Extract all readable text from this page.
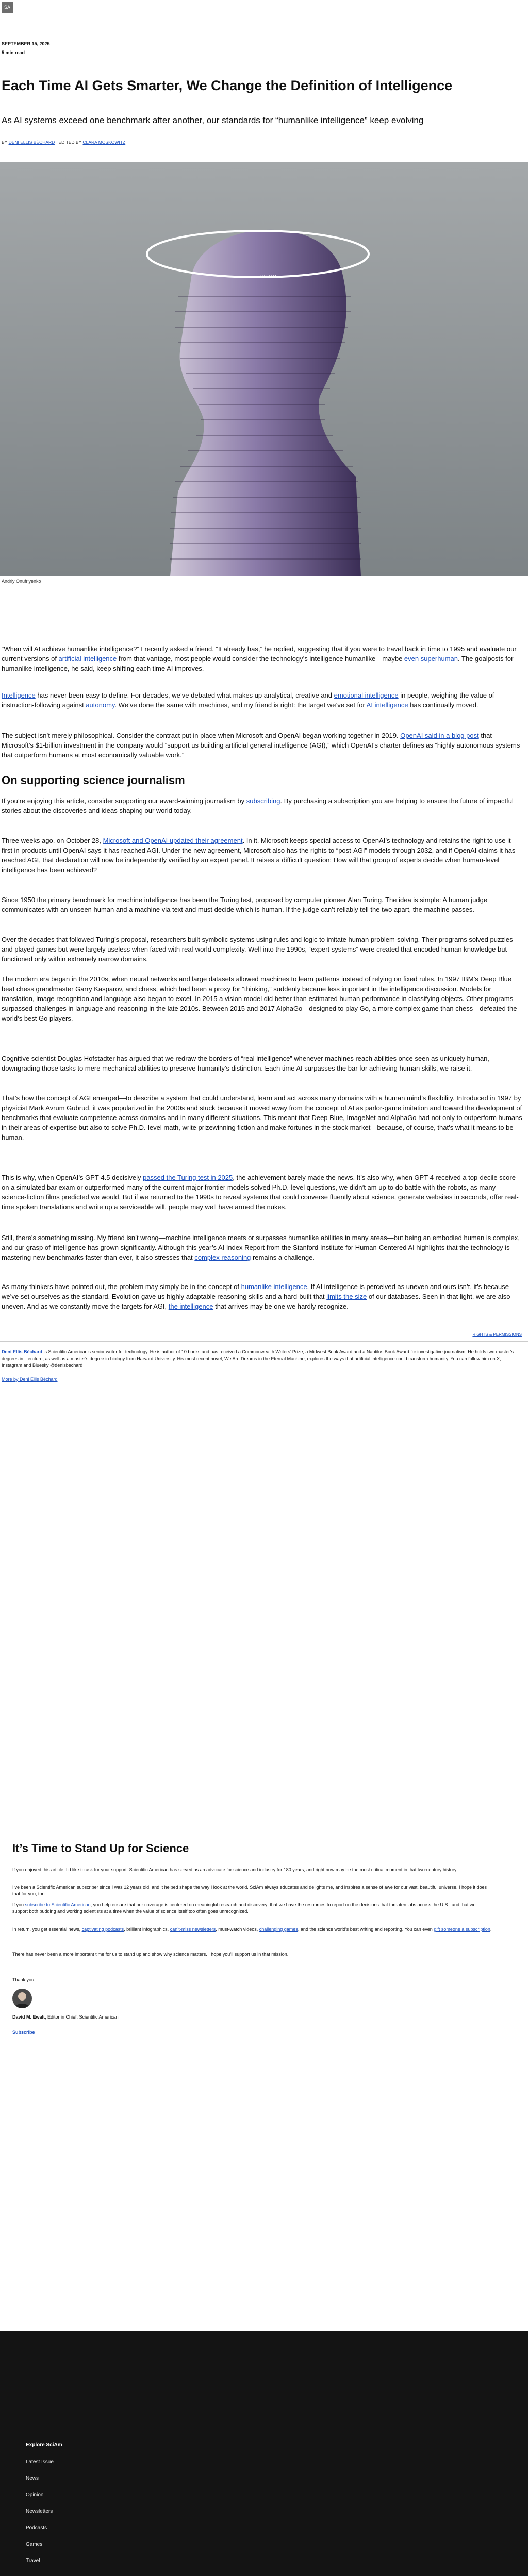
SA
SEPTEMBER 15, 2025
5 min read
Each Time AI Gets Smarter, We Change the Definition of Intelligence

As AI systems exceed one benchmark after another, our standards for “humanlike intelligence” keep evolving

BY DENI ELLIS BÉCHARD EDITED BY CLARA MOSKOWITZ
BRAIN
Andriy Onufriyenko

“When will AI achieve humanlike intelligence?” I recently asked a friend. “It already has,” he replied, suggesting that if you were to travel back in time to 1995 and evaluate our current versions of artificial intelligence from that vantage, most people would consider the technology’s intelligence humanlike—maybe even superhuman. The goalposts for humanlike intelligence, he said, keep shifting each time AI improves.

Intelligence has never been easy to define. For decades, we’ve debated what makes up analytical, creative and emotional intelligence in people, weighing the value of instruction-following against autonomy. We’ve done the same with machines, and my friend is right: the target we’ve set for AI intelligence has continually moved.

The subject isn’t merely philosophical. Consider the contract put in place when Microsoft and OpenAI began working together in 2019. OpenAI said in a blog post that Microsoft’s $1-billion investment in the company would “support us building artificial general intelligence (AGI),” which OpenAI’s charter defines as “highly autonomous systems that outperform humans at most economically valuable work.”

On supporting science journalism

If you’re enjoying this article, consider supporting our award-winning journalism by subscribing. By purchasing a subscription you are helping to ensure the future of impactful stories about the discoveries and ideas shaping our world today.

Three weeks ago, on October 28, Microsoft and OpenAI updated their agreement. In it, Microsoft keeps special access to OpenAI’s technology and retains the right to use it first in products until OpenAI says it has reached AGI. Under the new agreement, Microsoft also has the rights to “post-AGI” models through 2032, and if OpenAI claims it has reached AGI, that declaration will now be independently verified by an expert panel. It raises a difficult question: How will that group of experts decide when human-level intelligence has been achieved?

Since 1950 the primary benchmark for machine intelligence has been the Turing test, proposed by computer pioneer Alan Turing. The idea is simple: A human judge communicates with an unseen human and a machine via text and must decide which is human. If the judge can’t reliably tell the two apart, the machine passes.

Over the decades that followed Turing’s proposal, researchers built symbolic systems using rules and logic to imitate human problem-solving. Their programs solved puzzles and played games but were largely useless when faced with real-world complexity. Well into the 1990s, “expert systems” were created that encoded human knowledge but functioned only within extremely narrow domains.

The modern era began in the 2010s, when neural networks and large datasets allowed machines to learn patterns instead of relying on fixed rules. In 1997 IBM’s Deep Blue beat chess grandmaster Garry Kasparov, and chess, which had been a proxy for “thinking,” suddenly became less important in the intelligence discussion. Models for translation, image recognition and language also began to excel. In 2015 a vision model did better than estimated human performance in classifying objects. Other programs surpassed challenges in language and reasoning in the late 2010s. Between 2015 and 2017 AlphaGo—designed to play Go, a more complex game than chess—defeated the world’s best Go players.

Cognitive scientist Douglas Hofstadter has argued that we redraw the borders of “real intelligence” whenever machines reach abilities once seen as uniquely human, downgrading those tasks to mere mechanical abilities to preserve humanity’s distinction. Each time AI surpasses the bar for achieving human skills, we raise it.

That’s how the concept of AGI emerged—to describe a system that could understand, learn and act across many domains with a human mind’s flexibility. Introduced in 1997 by physicist Mark Avrum Gubrud, it was popularized in the 2000s and stuck because it moved away from the concept of AI as parlor-game imitation and toward the development of benchmarks that evaluate competence across domains and in many different situations. This meant that Deep Blue, ImageNet and AlphaGo had not only to outperform humans in their areas of expertise but also to solve Ph.D.-level math, write prizewinning fiction and make fortunes in the stock market—because, of course, that’s what it means to be human.

This is why, when OpenAI’s GPT-4.5 decisively passed the Turing test in 2025, the achievement barely made the news. It’s also why, when GPT-4 received a top-decile score on a simulated bar exam or outperformed many of the current major frontier models solved Ph.D.-level questions, we didn’t am up to do battle with the robots, as many science-fiction films predicted we would. But if we returned to the 1990s to reveal systems that could converse fluently about science, generate websites in seconds, offer real-time spoken translations and write up a serviceable will, people may well have armed the nukes.

Still, there’s something missing. My friend isn’t wrong—machine intelligence meets or surpasses humanlike abilities in many areas—but being an embodied human is complex, and our grasp of intelligence has grown significantly. Although this year’s AI Index Report from the Stanford Institute for Human-Centered AI highlights that the technology is mastering new benchmarks faster than ever, it also stresses that complex reasoning remains a challenge.

As many thinkers have pointed out, the problem may simply be in the concept of humanlike intelligence. If AI intelligence is perceived as uneven and ours isn’t, it’s because we’ve set ourselves as the standard. Evolution gave us highly adaptable reasoning skills and a hard-built that limits the size of our databases. Seen in that light, we are also uneven. And as we constantly move the targets for AGI, the intelligence that arrives may be one we hardly recognize.

RIGHTS & PERMISSIONS
Deni Ellis Béchard is Scientific American’s senior writer for technology. He is author of 10 books and has received a Commonwealth Writers’ Prize, a Midwest Book Award and a Nautilus Book Award for investigative journalism. He holds two master’s degrees in literature, as well as a master’s degree in biology from Harvard University. His most recent novel, We Are Dreams in the Eternal Machine, explores the ways that artificial intelligence could transform humanity. You can follow him on X, Instagram and Bluesky @denisbechard
More by Deni Ellis Béchard
It’s Time to Stand Up for Science

If you enjoyed this article, I’d like to ask for your support. Scientific American has served as an advocate for science and industry for 180 years, and right now may be the most critical moment in that two-century history.

I’ve been a Scientific American subscriber since I was 12 years old, and it helped shape the way I look at the world. SciAm always educates and delights me, and inspires a sense of awe for our vast, beautiful universe. I hope it does that for you, too.

If you subscribe to Scientific American, you help ensure that our coverage is centered on meaningful research and discovery; that we have the resources to report on the decisions that threaten labs across the U.S.; and that we support both budding and working scientists at a time when the value of science itself too often goes unrecognized.

In return, you get essential news, captivating podcasts, brilliant infographics, can’t-miss newsletters, must-watch videos, challenging games, and the science world’s best writing and reporting. You can even gift someone a subscription.

There has never been a more important time for us to stand up and show why science matters. I hope you’ll support us in that mission.

Thank you,

David M. Ewalt, Editor in Chief, Scientific American

Subscribe

Explore SciAm
Latest Issue
News
Opinion
Newsletters
Podcasts
Games
Travel
